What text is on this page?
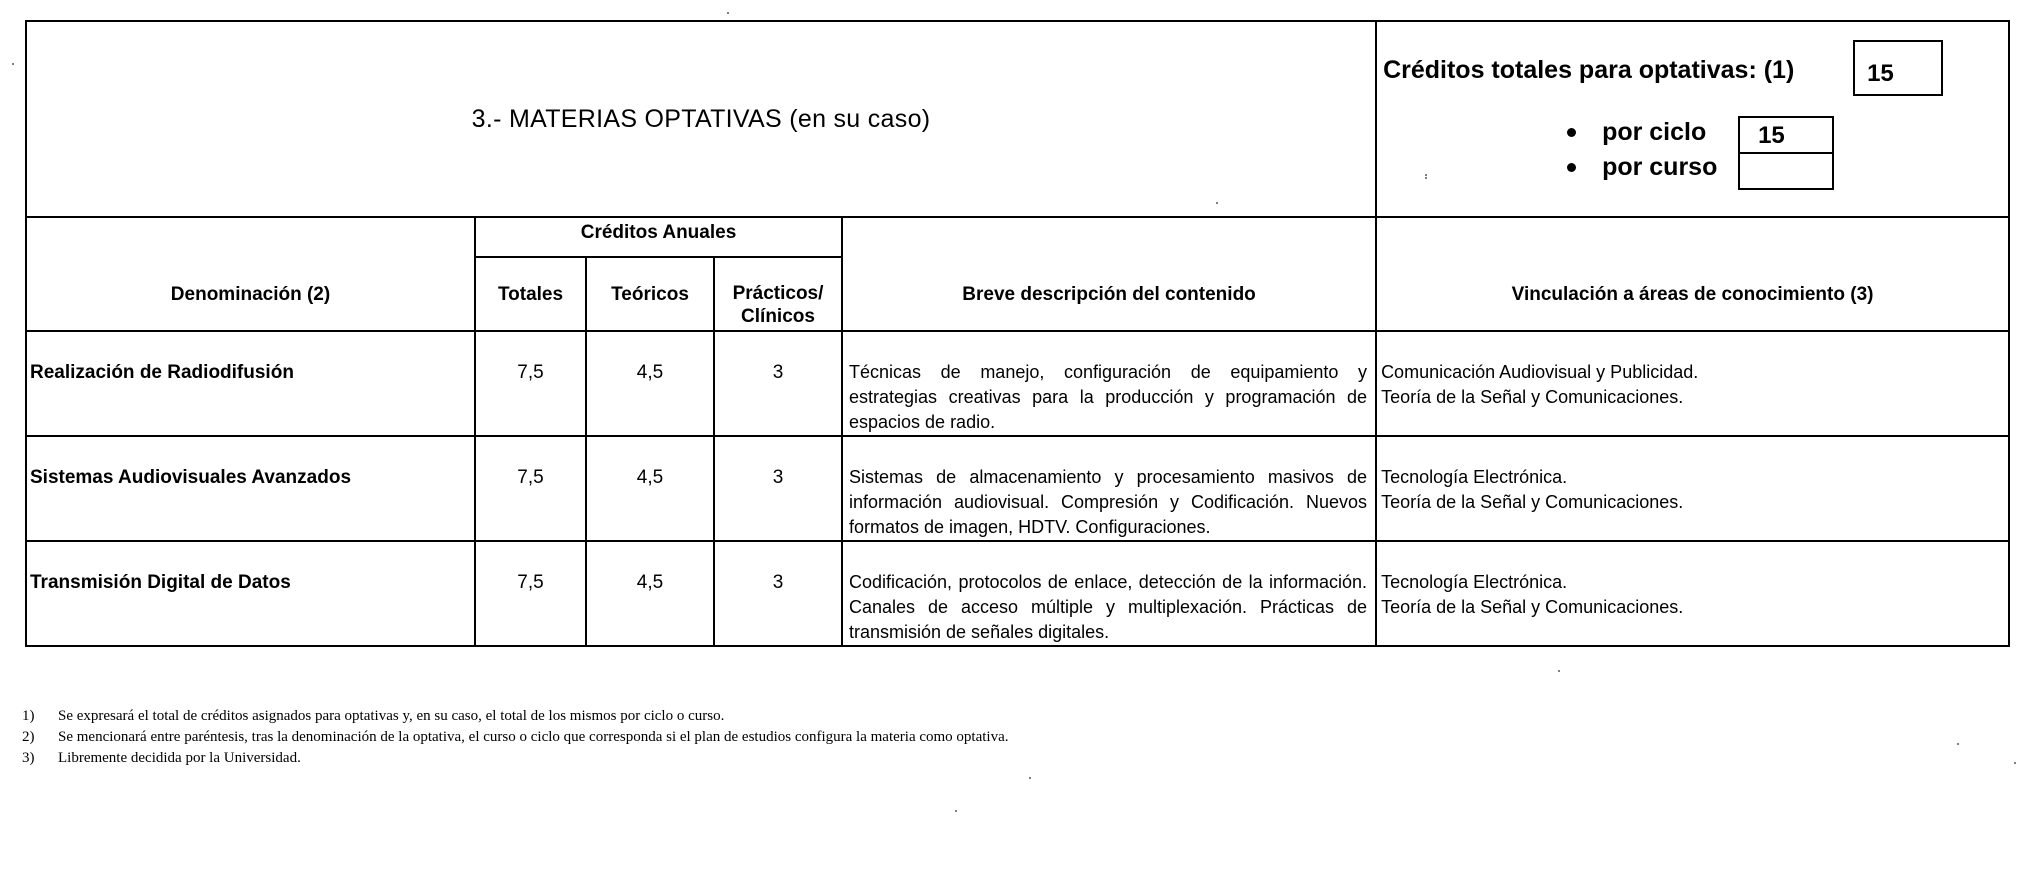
3.- MATERIAS OPTATIVAS (en su caso)					Créditos totales para optativas: (1) 15
por ciclo 15
por curso

Denominación (2)	Créditos Anuales			Breve descripción del contenido	Vinculación a áreas de conocimiento (3)
	Totales	Teóricos	Prácticos/
Clínicos		

Realización de Radiodifusión	7,5	4,5	3	Técnicas de manejo, configuración de equipamiento y estrategias creativas para la producción y programación de espacios de radio.	Comunicación Audiovisual y Publicidad.
Teoría de la Señal y Comunicaciones.

Sistemas Audiovisuales Avanzados	7,5	4,5	3	Sistemas de almacenamiento y procesamiento masivos de información audiovisual. Compresión y Codificación. Nuevos formatos de imagen, HDTV. Configuraciones.	Tecnología Electrónica.
Teoría de la Señal y Comunicaciones.

Transmisión Digital de Datos	7,5	4,5	3	Codificación, protocolos de enlace, detección de la información. Canales de acceso múltiple y multiplexación. Prácticas de transmisión de señales digitales.	Tecnología Electrónica.
Teoría de la Señal y Comunicaciones.
1)	Se expresará el total de créditos asignados para optativas y, en su caso, el total de los mismos por ciclo o curso.
2)	Se mencionará entre paréntesis, tras la denominación de la optativa, el curso o ciclo que corresponda si el plan de estudios configura la materia como optativa.
3)	Libremente decidida por la Universidad.
